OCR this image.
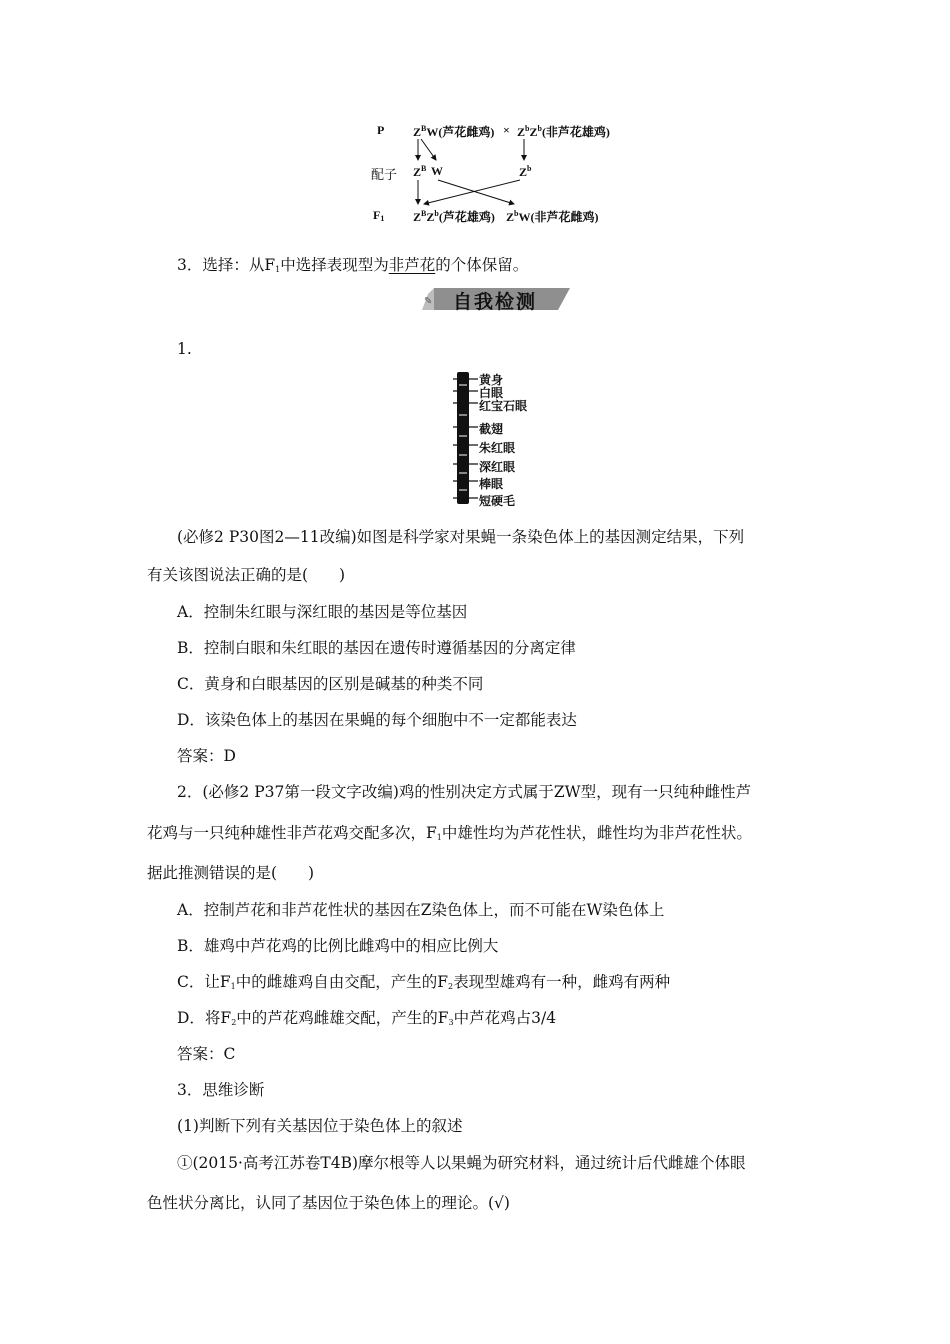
P $Z^BW$(芦花雌鸡) × $Z^bZ^b$(非芦花雄鸡)
配子 $Z^B$ W	$Z^b$
$F_1$ $Z^BZ^b$(芦花雄鸡) $Z^bW$(非芦花雌鸡)
3．选择：从$F_1$中选择表现型为非芦花的个体保留。
✎	自我检测
1.
黄身
白眼
红宝石眼
截翅
朱红眼
深红眼
棒眼
短硬毛
(必修2 P30图2—11改编)如图是科学家对果蝇一条染色体上的基因测定结果，下列
有关该图说法正确的是(　　)
A．控制朱红眼与深红眼的基因是等位基因
B．控制白眼和朱红眼的基因在遗传时遵循基因的分离定律
C．黄身和白眼基因的区别是碱基的种类不同
D．该染色体上的基因在果蝇的每个细胞中不一定都能表达
答案：D
2．(必修2 P37第一段文字改编)鸡的性别决定方式属于ZW型，现有一只纯种雌性芦
花鸡与一只纯种雄性非芦花鸡交配多次，$F_1$中雄性均为芦花性状，雌性均为非芦花性状。
据此推测错误的是(　　)
A．控制芦花和非芦花性状的基因在Z染色体上，而不可能在W染色体上
B．雄鸡中芦花鸡的比例比雌鸡中的相应比例大
C．让$F_1$中的雌雄鸡自由交配，产生的$F_2$表现型雄鸡有一种，雌鸡有两种
D．将$F_2$中的芦花鸡雌雄交配，产生的$F_3$中芦花鸡占3/4
答案：C
3．思维诊断
(1)判断下列有关基因位于染色体上的叙述
①(2015·高考江苏卷T4B)摩尔根等人以果蝇为研究材料，通过统计后代雌雄个体眼
色性状分离比，认同了基因位于染色体上的理论。(√)
